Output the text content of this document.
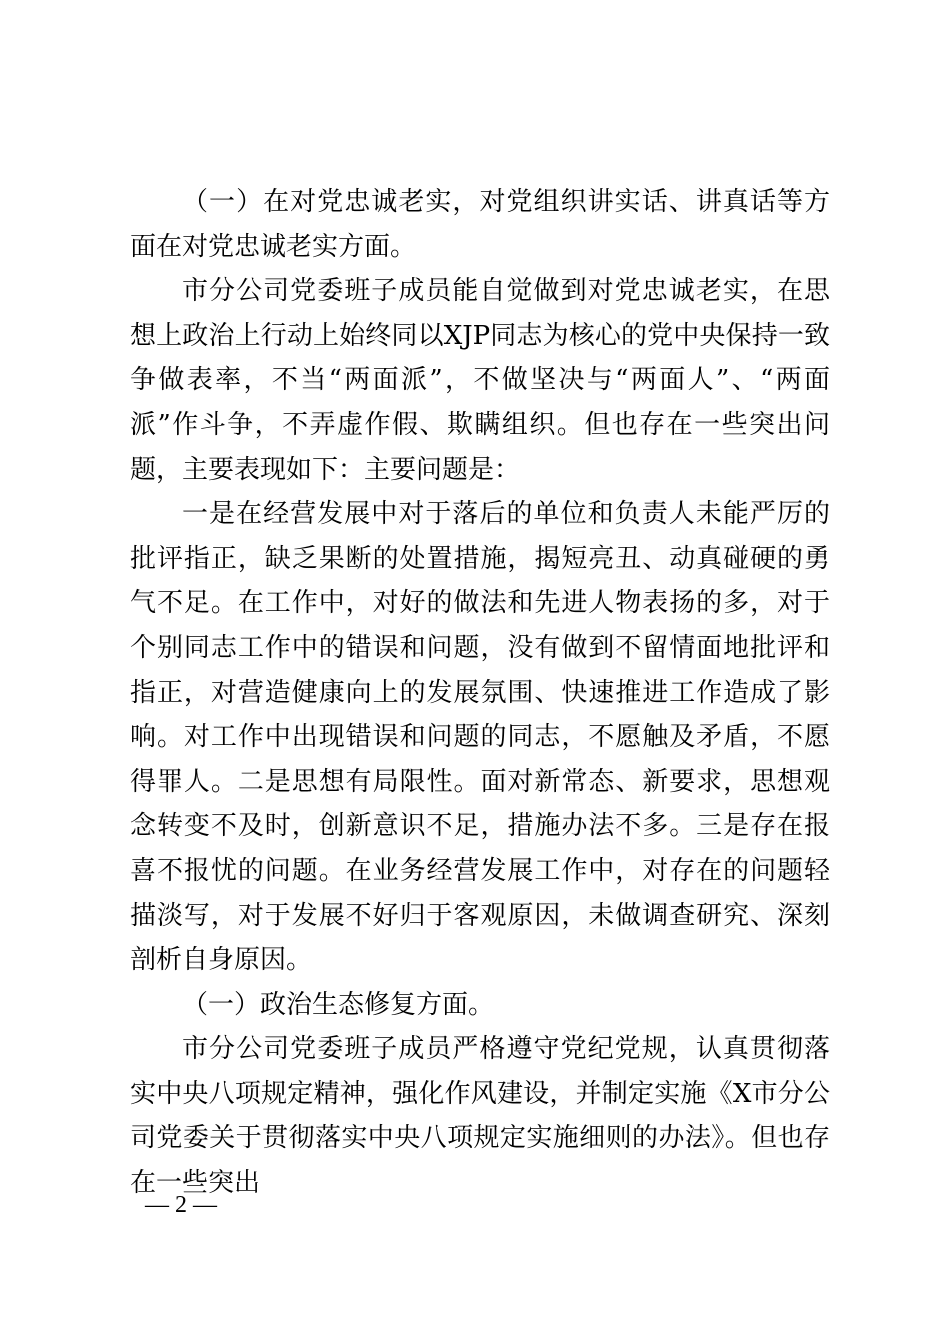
（一）在对党忠诚老实，对党组织讲实话、讲真话等方面在对党忠诚老实方面。

市分公司党委班子成员能自觉做到对党忠诚老实，在思想上政治上行动上始终同以XJP同志为核心的党中央保持一致争做表率，不当“两面派”，不做坚决与“两面人”、“两面派”作斗争，不弄虚作假、欺瞒组织。但也存在一些突出问题，主要表现如下：主要问题是：

一是在经营发展中对于落后的单位和负责人未能严厉的批评指正，缺乏果断的处置措施，揭短亮丑、动真碰硬的勇气不足。在工作中，对好的做法和先进人物表扬的多，对于个别同志工作中的错误和问题，没有做到不留情面地批评和指正，对营造健康向上的发展氛围、快速推进工作造成了影响。对工作中出现错误和问题的同志，不愿触及矛盾，不愿得罪人。二是思想有局限性。面对新常态、新要求，思想观念转变不及时，创新意识不足，措施办法不多。三是存在报喜不报忧的问题。在业务经营发展工作中，对存在的问题轻描淡写，对于发展不好归于客观原因，未做调查研究、深刻剖析自身原因。

（一）政治生态修复方面。

市分公司党委班子成员严格遵守党纪党规，认真贯彻落实中央八项规定精神，强化作风建设，并制定实施《X市分公司党委关于贯彻落实中央八项规定实施细则的办法》。但也存在一些突出

— 2 —
